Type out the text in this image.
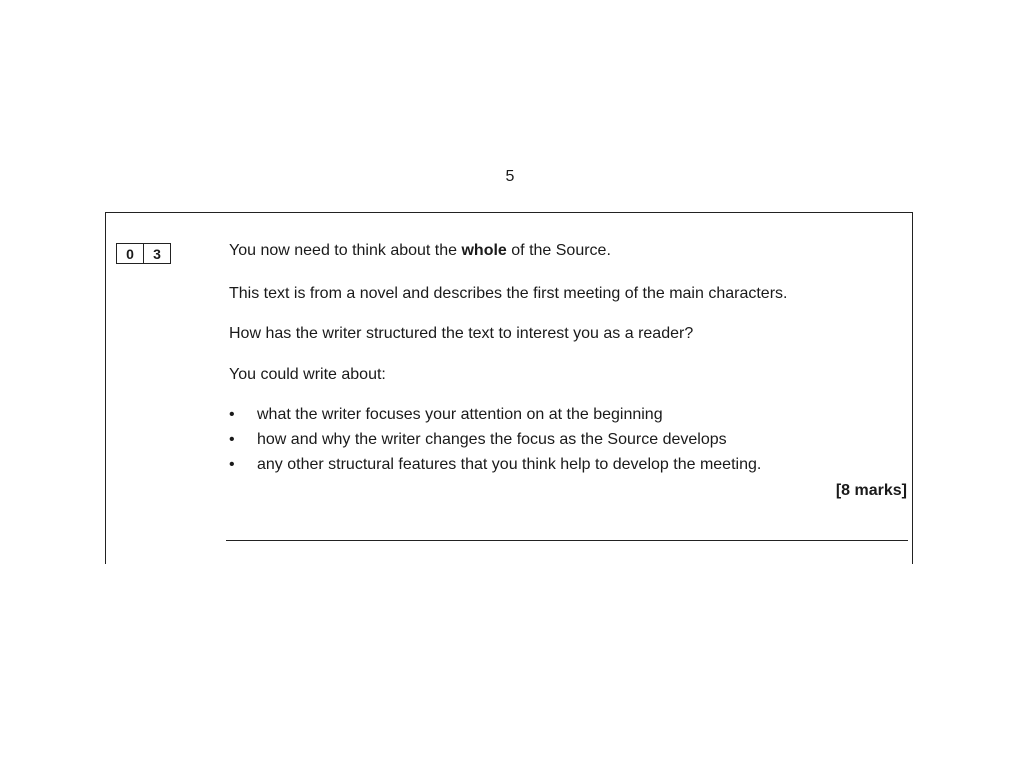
5
0	3	You now need to think about the whole of the Source.
This text is from a novel and describes the first meeting of the main characters.
How has the writer structured the text to interest you as a reader?
You could write about:
• what the writer focuses your attention on at the beginning
• how and why the writer changes the focus as the Source develops
• any other structural features that you think help to develop the meeting.
[8 marks]
